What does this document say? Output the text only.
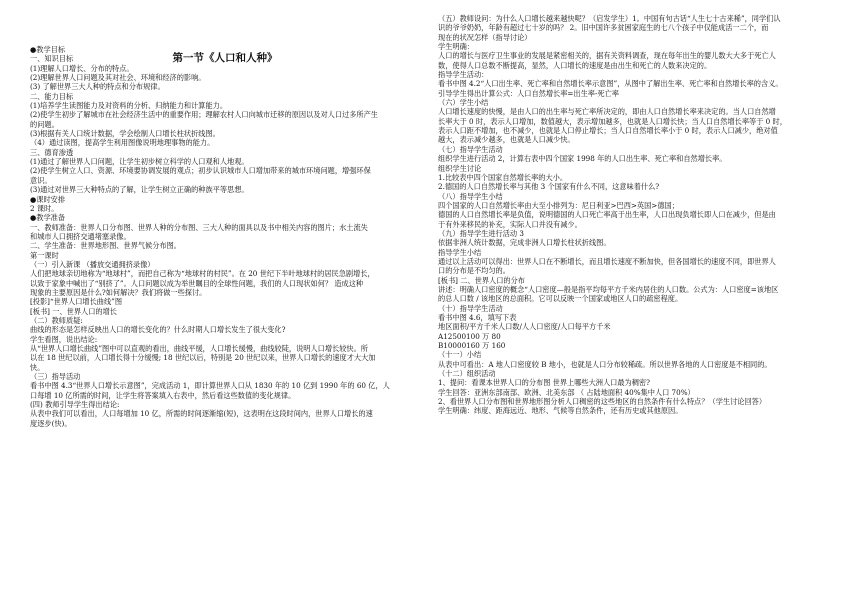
第一节《人口和人种》

●教学目标

一、知识目标

(1)理解人口增长、分布的特点。

(2)理解世界人口问题及其对社会、环境和经济的影响。

(3) 了解世界三大人种的特点和分布规律。

二、能力目标

(1)培养学生读图能力及对资料的分析、归纳能力和计算能力。

(2)使学生初步了解城市在社会经济生活中的重要作用；理解农村人口向城市迁移的原因以及对人口过多所产生

的问题。

(3)根据有关人口统计数据，学会绘制人口增长柱状折线图。

（4）通过读图，提高学生利用图像说明地理事物的能力。

三、德育渗透

(1)通过了解世界人口问题，让学生初步树立科学的人口观和人地观。

(2)使学生树立人口、资源、环境要协调发展的观点；初步认识城市人口增加带来的城市环境问题，增强环保

意识。

(3)通过对世界三大种特点的了解，让学生树立正确的种族平等思想。

●课时安排

2 课时。

●教学准备

一、教师准备：世界人口分布图、世界人种的分布图、三大人种的面具以及书中相关内容的图片；水土流失

和城市人口拥挤交通堵塞录像。

二、学生准备：世界地形图、世界气候分布图。

第一课时

（一）引入新课 （播放交通拥挤录像）

人们把地球亲切地称为“地球村”，而把自己称为“地球村的村民”。在 20 世纪下半叶地球村的居民急剧增长，

以致于家象中喊出了“别挤了”。人口问题以成为举世瞩目的全球性问题，我们的人口现状如何？ 造成这种

现象的主要原因是什么?如何解决？我们将做一些探讨。

[投影]“世界人口增长曲线”图

[板书] 一、世界人口的增长

（二）教师质疑:

曲线的形态是怎样反映出人口的增长变化的？什么时期人口增长发生了很大变化?

学生看图，说出结论:

从“世界人口增长曲线”图中可以直观的看出，曲线平缓，人口增长缓慢，曲线较陡，说明人口增长较快。所

以在 18 世纪以前，人口增长得十分缓慢; 18 世纪以后，特别是 20 世纪以来，世界人口增长的速度才大大加

快。

（三）指导活动

看书中图 4.3“世界人口增长示意图”，完成活动 1，即计算世界人口从 1830 年的 10 亿到 1990 年的 60 亿，人

口每增 10 亿所需的时间，让学生将答案填入右表中，然后看这些数值的变化规律。

(四) 教师引导学生得出结论:

从表中我们可以看出，人口每增加 10 亿，所需的时间逐渐缩(短)，这表明在这段时间内，世界人口增长的速

度逐步(快)。

（五）教师设问：为什么人口增长越来越快呢？（启发学生）1。中国有句古话“人生七十古来稀”，同学们认

识的爷爷奶奶，年龄有超过七十岁的吗？ 2。旧中国许多贫困家庭生的七八个孩子中仅能成活一二个，而

现在的状况怎样（指导讨论）

学生明确：

人口的增长与医疗卫生事业的发展是紧密相关的，据有关资料调查，现在每年出生的婴儿数大大多于死亡人

数，使得人口总数不断提高，显然，人口增长的速度是由出生和死亡的人数来决定的。

指导学生活动：

看书中图 4.2“人口出生率、死亡率和自然增长率示意图”，从图中了解出生率、死亡率和自然增长率的含义。

引导学生得出计算公式：人口自然增长率=出生率-死亡率

（六）学生小结

人口增长速度的快慢，是由人口的出生率与死亡率所决定的，即由人口自然增长率来决定的。当人口自然增

长率大于 0 时，表示人口增加，数值越大，表示增加越多，也就是人口增长快；当人口自然增长率等于 0 时，

表示人口距不增加，也不减少，也就是人口停止增长；当人口自然增长率小于 0 时，表示人口减少，绝对值

越大，表示减少越多，也就是人口减少快。

（七）指导学生活动

组织学生进行活动 2，计算右表中四个国家 1998 年的人口出生率、死亡率和自然增长率。

组织学生讨论

1.比较表中四个国家自然增长率的大小。

2.德国的人口自然增长率与其他 3 个国家有什么不同，这意味着什么?

（八）指导学生小结

四个国家的人口自然增长率由大至小排列为：尼日利亚>巴西>英国>德国；

德国的人口自然增长率是负值，说明德国的人口死亡率高于出生率，人口出现负增长即人口在减少，但是由

于有外来移民的补充，实际人口并没有减少。

（九）指导学生进行活动 3

依据非洲人统计数据，完成非洲人口增长柱状折线图。

指导学生小结

通过以上活动可以得出：世界人口在不断增长，而且增长速度不断加快，但各国增长的速度不同，即世界人

口的分布是不均匀的。

[板书] 二、世界人口的分布

讲述：明确人口密度的概念“人口密度—般是指平均每平方千米内居住的人口数。公式为：人口密度=该地区

的总人口数 / 该地区的总面积。它可以反映一个国家或地区人口的疏密程度。

（十）指导学生活动

看书中图 4.6，填写下表

地区面积/平方千米人口数/人人口密度/人口每平方千米

A12500100 万 80

B10000160 万 160

（十一）小结

从表中可看出：A 地人口密度较 B 地小，也就是人口分布较稀疏。所以世界各地的人口密度是不相同的。

（十二）组织活动

1、提问：看课本世界人口的分布图 世界上哪些大洲人口最为稠密?

学生回答：亚洲东部南部、欧洲、北美东部 （ 占陆地面积 40%集中人口 70%）

2、看世界人口分布图和世界地形图分析人口稠密的这些地区的自然条件有什么特点？（学生讨论回答）

学生明确：纬度、距海远近、地形、气候等自然条件，还有历史或其他原因。
